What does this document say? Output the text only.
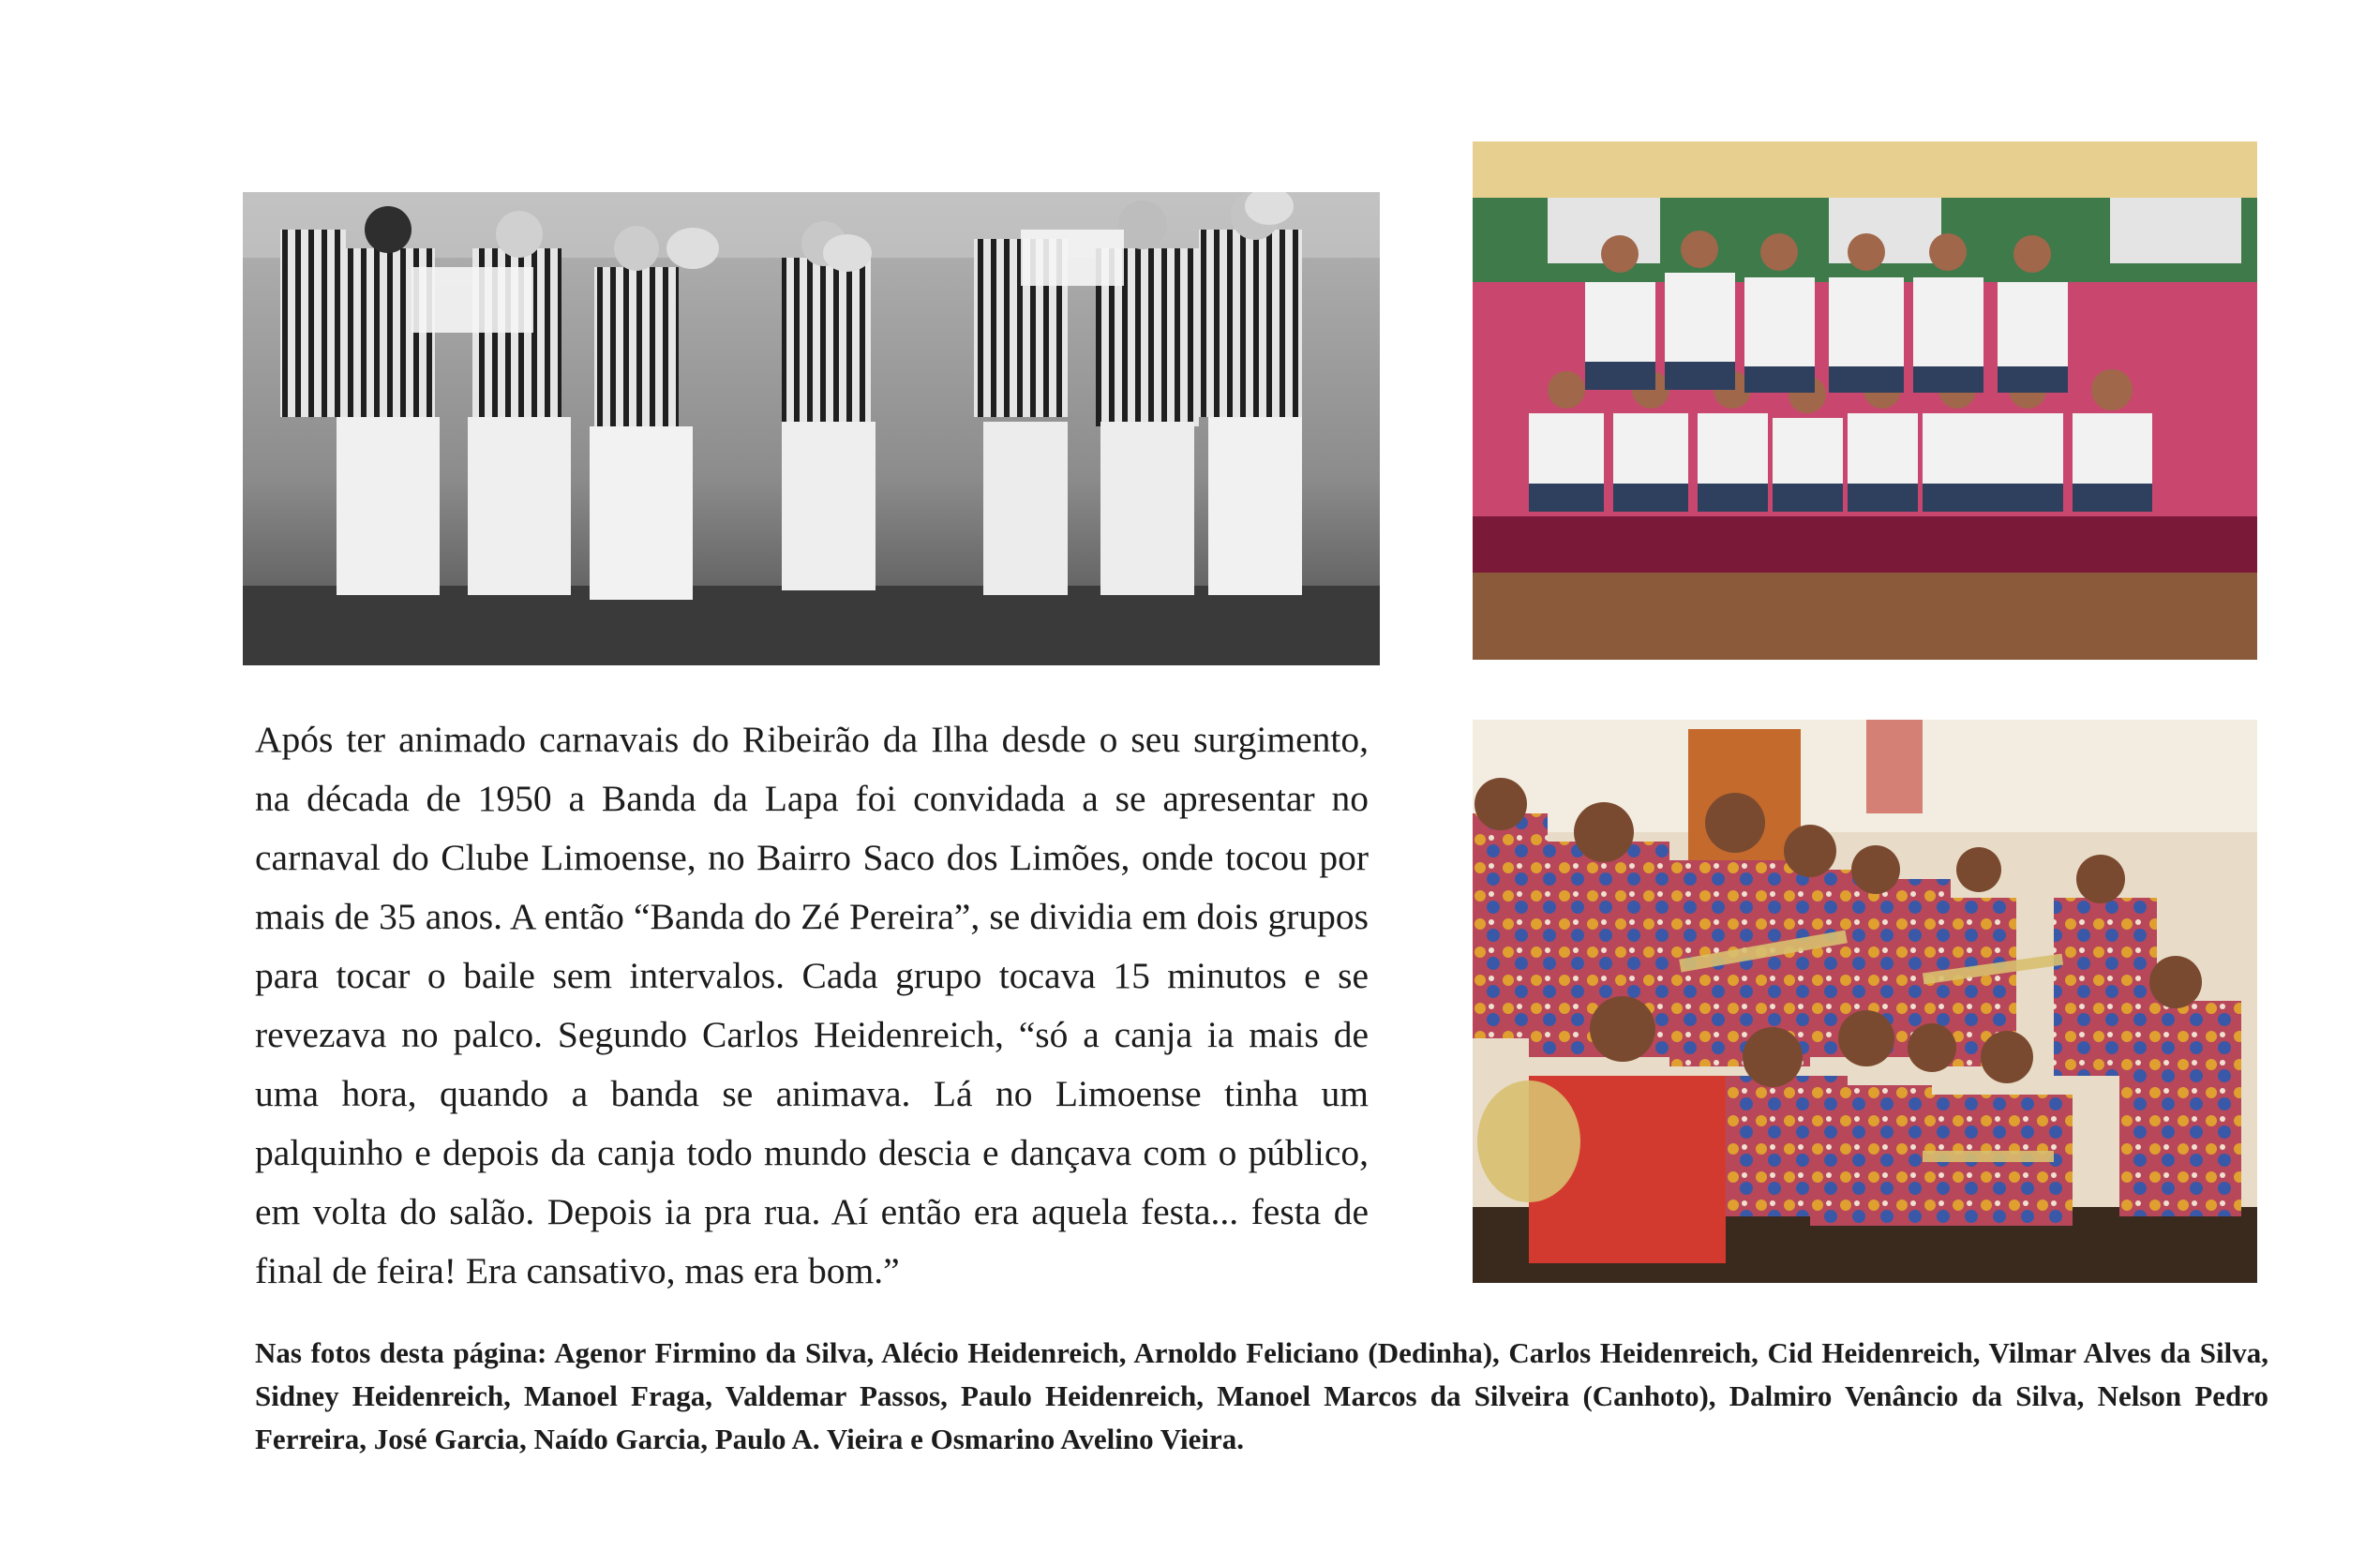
Após ter animado carnavais do Ribeirão da Ilha desde o seu surgimento, na década de 1950 a Banda da Lapa foi convidada a se apresentar no carnaval do Clube Limoense, no Bairro Saco dos Limões, onde tocou por mais de 35 anos. A então “Banda do Zé Pereira”, se dividia em dois grupos para tocar o baile sem intervalos. Cada grupo tocava 15 minutos e se revezava no palco. Segundo Carlos Heidenreich, “só a canja ia mais de uma hora, quando a banda se animava. Lá no Limoense tinha um palquinho e depois da canja todo mundo descia e dançava com o público, em volta do salão. Depois ia pra rua. Aí então era aquela festa... festa de final de feira! Era cansativo, mas era bom.”

Nas fotos desta página: Agenor Firmino da Silva, Alécio Heidenreich, Arnoldo Feliciano (Dedinha), Carlos Heidenreich, Cid Heidenreich, Vilmar Alves da Silva, Sidney Heidenreich, Manoel Fraga, Valdemar Passos, Paulo Heidenreich, Manoel Marcos da Silveira (Canhoto), Dalmiro Venâncio da Silva, Nelson Pedro Ferreira, José Garcia, Naído Garcia, Paulo A. Vieira e Osmarino Avelino Vieira.
